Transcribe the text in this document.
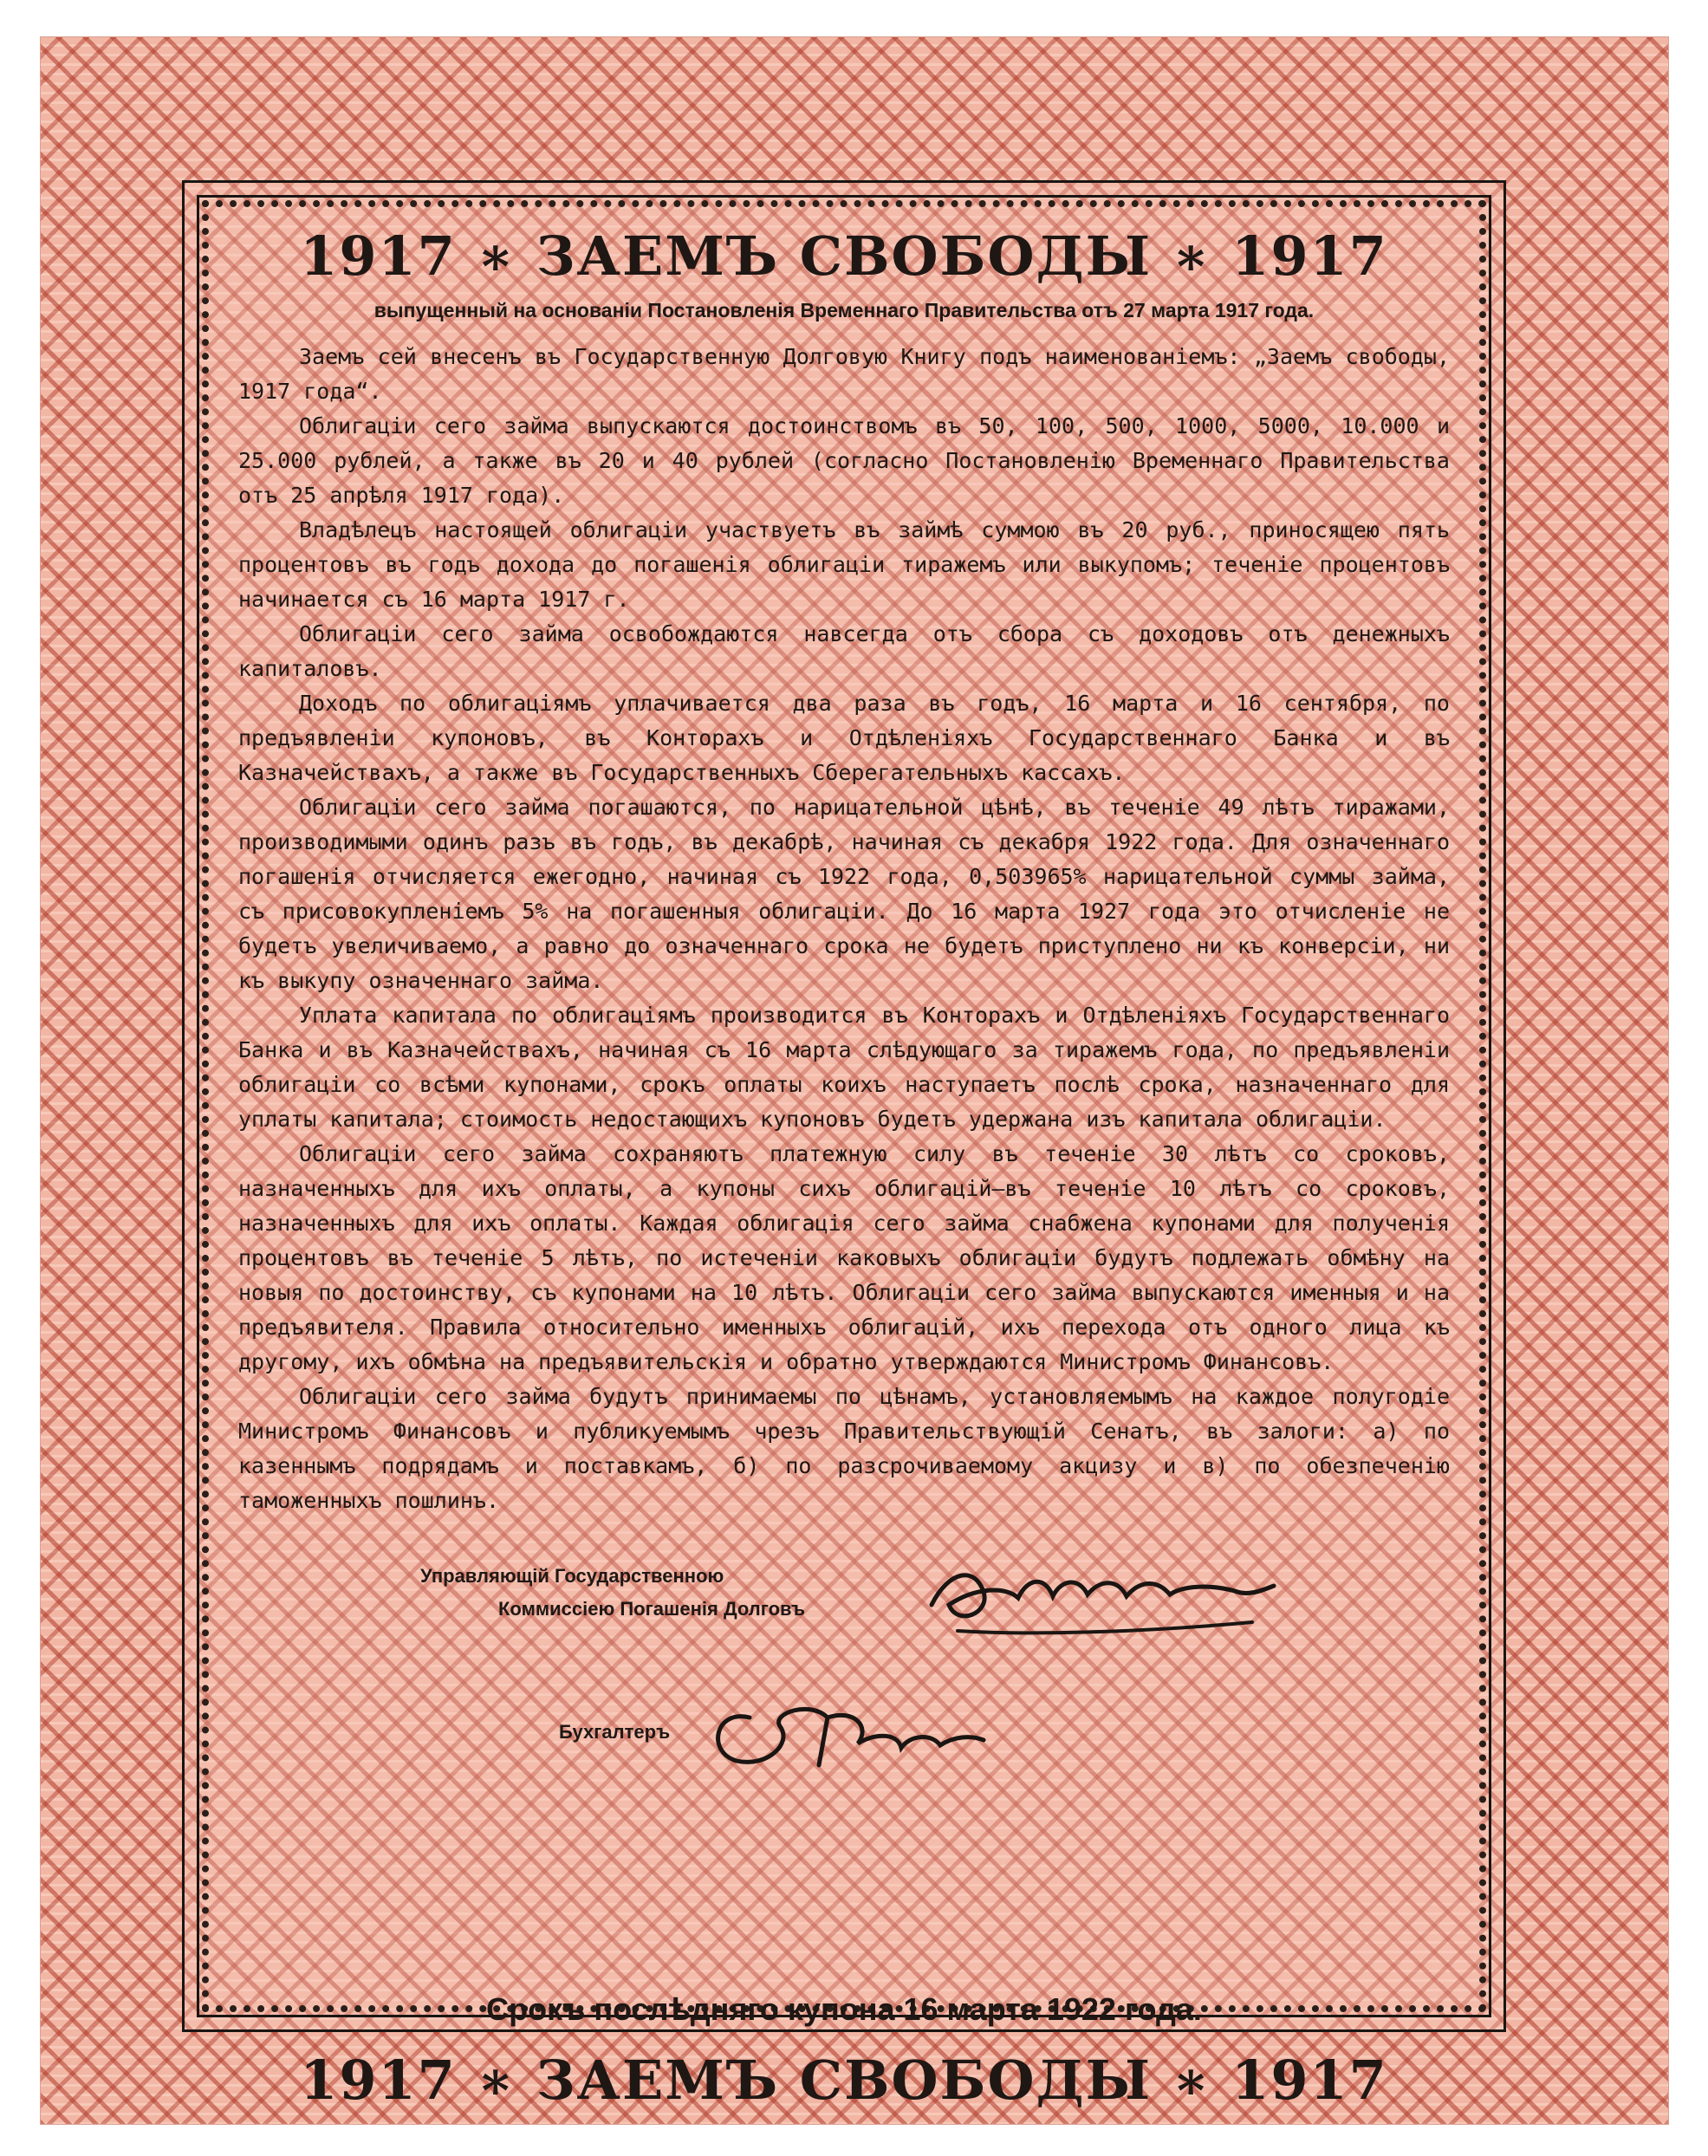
1917 ∗ ЗАЕМЪ СВОБОДЫ ∗ 1917
выпущенный на основанiи Постановленiя Временнаго Правительства отъ 27 марта 1917 года.

Заемъ сей внесенъ въ Государственную Долговую Книгу подъ наименованiемъ: „Заемъ свободы, 1917 года“.

Облигацiи сего займа выпускаются достоинствомъ въ 50, 100, 500, 1000, 5000, 10.000 и 25.000 рублей, а также въ 20 и 40 рублей (согласно Постановленiю Временнаго Правительства отъ 25 апрѣля 1917 года).

Владѣлецъ настоящей облигацiи участвуетъ въ займѣ суммою въ 20 руб., приносящею пять процентовъ въ годъ дохода до погашенiя облигацiи тиражемъ или выкупомъ; теченiе процентовъ начинается съ 16 марта 1917 г.

Облигацiи сего займа освобождаются навсегда отъ сбора съ доходовъ отъ денежныхъ капиталовъ.

Доходъ по облигацiямъ уплачивается два раза въ годъ, 16 марта и 16 сентября, по предъявленiи купоновъ, въ Конторахъ и Отдѣленiяхъ Государственнаго Банка и въ Казначействахъ, а также въ Государственныхъ Сберегательныхъ кассахъ.

Облигацiи сего займа погашаются, по нарицательной цѣнѣ, въ теченiе 49 лѣтъ тиражами, производимыми одинъ разъ въ годъ, въ декабрѣ, начиная съ декабря 1922 года. Для означеннаго погашенiя отчисляется ежегодно, начиная съ 1922 года, 0,503965% нарицательной суммы займа, съ присовокупленiемъ 5% на погашенныя облигацiи. До 16 марта 1927 года это отчисленiе не будетъ увеличиваемо, а равно до означеннаго срока не будетъ приступлено ни къ конверсiи, ни къ выкупу означеннаго займа.

Уплата капитала по облигацiямъ производится въ Конторахъ и Отдѣленiяхъ Государственнаго Банка и въ Казначействахъ, начиная съ 16 марта слѣдующаго за тиражемъ года, по предъявленiи облигацiи со всѣми купонами, срокъ оплаты коихъ наступаетъ послѣ срока, назначеннаго для уплаты капитала; стоимость недостающихъ купоновъ будетъ удержана изъ капитала облигацiи.

Облигацiи сего займа сохраняютъ платежную силу въ теченiе 30 лѣтъ со сроковъ, назначенныхъ для ихъ оплаты, а купоны сихъ облигацiй—въ теченiе 10 лѣтъ со сроковъ, назначенныхъ для ихъ оплаты. Каждая облигацiя сего займа снабжена купонами для полученiя процентовъ въ теченiе 5 лѣтъ, по истеченiи каковыхъ облигацiи будутъ подлежать обмѣну на новыя по достоинству, съ купонами на 10 лѣтъ. Облигацiи сего займа выпускаются именныя и на предъявителя. Правила относительно именныхъ облигацiй, ихъ перехода отъ одного лица къ другому, ихъ обмѣна на предъявительскiя и обратно утверждаются Министромъ Финансовъ.

Облигацiи сего займа будутъ принимаемы по цѣнамъ, установляемымъ на каждое полугодiе Министромъ Финансовъ и публикуемымъ чрезъ Правительствующiй Сенатъ, въ залоги: а) по казеннымъ подрядамъ и поставкамъ, б) по разсрочиваемому акцизу и в) по обезпеченiю таможенныхъ пошлинъ.

Управляющiй Государственною
Коммиссiею Погашенiя Долговъ
Бухгалтеръ
Срокъ послѣдняго купона 16 марта 1922 года.
1917 ∗ ЗАЕМЪ СВОБОДЫ ∗ 1917
